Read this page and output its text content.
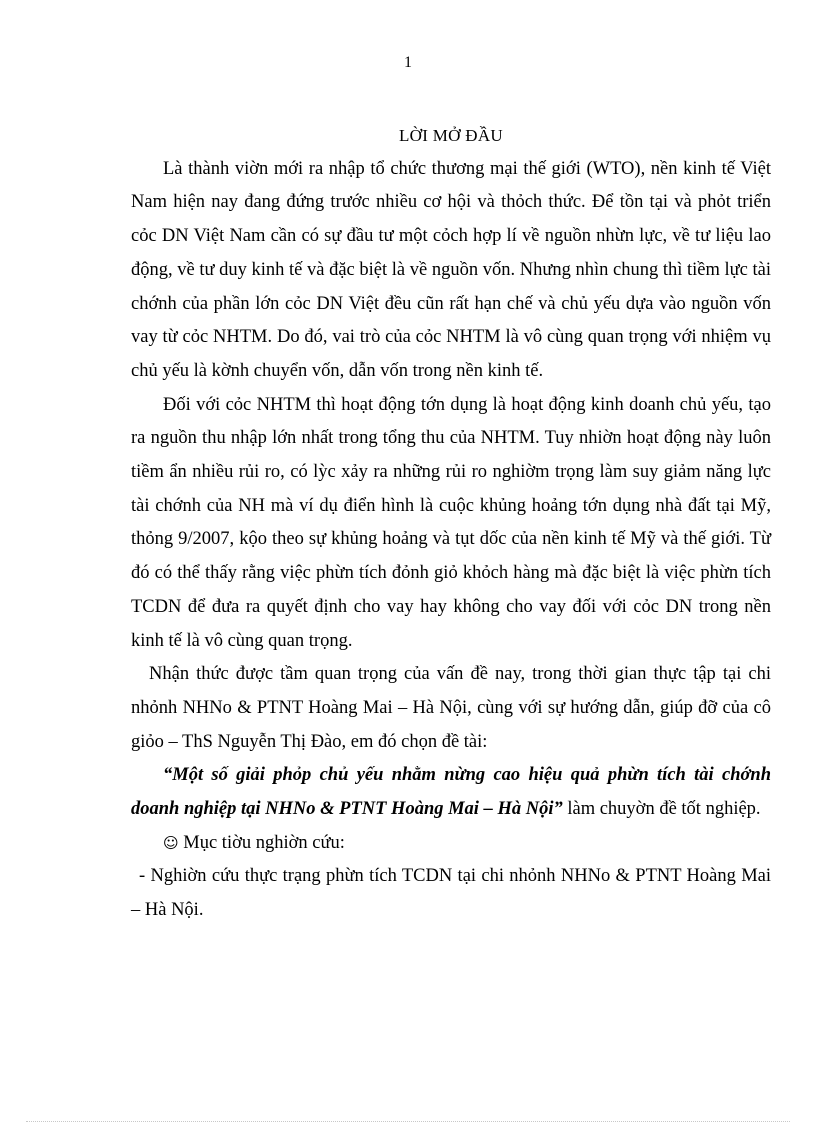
1
LỜI MỞ ĐẦU

Là thành viờn mới ra nhập tổ chức thương mại thế giới (WTO), nền kinh tế Việt Nam hiện nay đang đứng trước nhiều cơ hội và thỏch thức. Để tồn tại và phỏt triển cỏc DN Việt Nam cần có sự đầu tư một cỏch hợp lí về nguồn nhừn lực, về tư liệu lao động, về tư duy kinh tế và đặc biệt là về nguồn vốn. Nhưng nhìn chung thì tiềm lực tài chớnh của phần lớn cỏc DN Việt đều cũn rất hạn chế và chủ yếu dựa vào nguồn vốn vay từ cỏc NHTM. Do đó, vai trò của cỏc NHTM là vô cùng quan trọng với nhiệm vụ chủ yếu là kờnh chuyển vốn, dẫn vốn trong nền kinh tế.

Đối với cỏc NHTM thì hoạt động tớn dụng là hoạt động kinh doanh chủ yếu, tạo ra nguồn thu nhập lớn nhất trong tổng thu của NHTM. Tuy nhiờn hoạt động này luôn tiềm ẩn nhiều rủi ro, có lỳc xảy ra những rủi ro nghiờm trọng làm suy giảm năng lực tài chớnh của NH mà ví dụ điển hình là cuộc khủng hoảng tớn dụng nhà đất tại Mỹ, thỏng 9/2007, kộo theo sự khủng hoảng và tụt dốc của nền kinh tế Mỹ và thế giới. Từ đó có thể thấy rằng việc phừn tích đỏnh giỏ khỏch hàng mà đặc biệt là việc phừn tích TCDN để đưa ra quyết định cho vay hay không cho vay đối với cỏc DN trong nền kinh tế là vô cùng quan trọng.

Nhận thức được tầm quan trọng của vấn đề nay, trong thời gian thực tập tại chi nhỏnh NHNo & PTNT Hoàng Mai – Hà Nội, cùng với sự hướng dẫn, giúp đỡ của cô giỏo – ThS Nguyễn Thị Đào, em đó chọn đề tài:

“Một số giải phỏp chủ yếu nhằm nừng cao hiệu quả phừn tích tài chớnh doanh nghiệp tại NHNo & PTNT Hoàng Mai – Hà Nội” làm chuyờn đề tốt nghiệp.

☺ Mục tiờu nghiờn cứu:

- Nghiờn cứu thực trạng phừn tích TCDN tại chi nhỏnh NHNo & PTNT Hoàng Mai – Hà Nội.
